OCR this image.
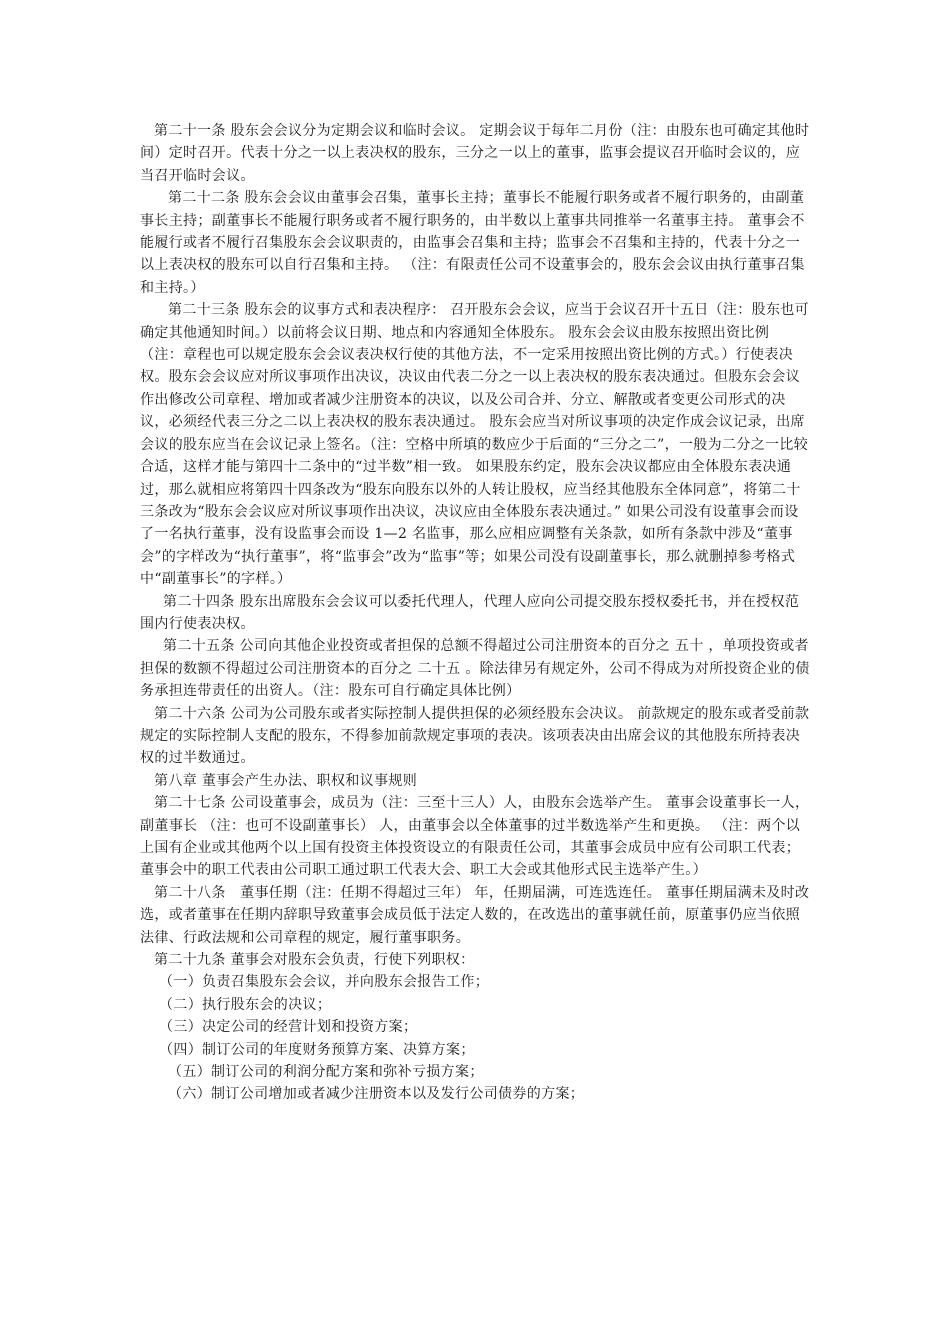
第二十一条 股东会会议分为定期会议和临时会议。 定期会议于每年二月份（注：由股东也可确定其他时间）定时召开。代表十分之一以上表决权的股东，三分之一以上的董事，监事会提议召开临时会议的，应当召开临时会议。

第二十二条 股东会会议由董事会召集，董事长主持；董事长不能履行职务或者不履行职务的，由副董事长主持；副董事长不能履行职务或者不履行职务的，由半数以上董事共同推举一名董事主持。 董事会不能履行或者不履行召集股东会会议职责的，由监事会召集和主持；监事会不召集和主持的，代表十分之一以上表决权的股东可以自行召集和主持。 （注：有限责任公司不设董事会的，股东会会议由执行董事召集和主持。）

第二十三条 股东会的议事方式和表决程序： 召开股东会会议，应当于会议召开十五日（注：股东也可确定其他通知时间。）以前将会议日期、地点和内容通知全体股东。 股东会会议由股东按照出资比例（注：章程也可以规定股东会会议表决权行使的其他方法，不一定采用按照出资比例的方式。）行使表决权。股东会会议应对所议事项作出决议，决议由代表二分之一以上表决权的股东表决通过。但股东会会议作出修改公司章程、增加或者减少注册资本的决议，以及公司合并、分立、解散或者变更公司形式的决议，必须经代表三分之二以上表决权的股东表决通过。 股东会应当对所议事项的决定作成会议记录，出席会议的股东应当在会议记录上签名。（注：空格中所填的数应少于后面的“三分之二”，一般为二分之一比较合适，这样才能与第四十二条中的“过半数”相一致。 如果股东约定，股东会决议都应由全体股东表决通过，那么就相应将第四十四条改为“股东向股东以外的人转让股权，应当经其他股东全体同意”，将第二十三条改为“股东会会议应对所议事项作出决议，决议应由全体股东表决通过。” 如果公司没有设董事会而设了一名执行董事，没有设监事会而设 1—2 名监事，那么应相应调整有关条款，如所有条款中涉及“董事会”的字样改为“执行董事”，将“监事会”改为“监事”等；如果公司没有设副董事长，那么就删掉参考格式中“副董事长”的字样。）

第二十四条 股东出席股东会会议可以委托代理人，代理人应向公司提交股东授权委托书，并在授权范围内行使表决权。

第二十五条 公司向其他企业投资或者担保的总额不得超过公司注册资本的百分之 五十 ，单项投资或者担保的数额不得超过公司注册资本的百分之 二十五 。除法律另有规定外，公司不得成为对所投资企业的债务承担连带责任的出资人。（注：股东可自行确定具体比例）

第二十六条 公司为公司股东或者实际控制人提供担保的必须经股东会决议。 前款规定的股东或者受前款规定的实际控制人支配的股东，不得参加前款规定事项的表决。该项表决由出席会议的其他股东所持表决权的过半数通过。

第八章 董事会产生办法、职权和议事规则

第二十七条 公司设董事会，成员为（注：三至十三人）人，由股东会选举产生。 董事会设董事长一人，副董事长 （注：也可不设副董事长） 人，由董事会以全体董事的过半数选举产生和更换。 （注：两个以上国有企业或其他两个以上国有投资主体投资设立的有限责任公司，其董事会成员中应有公司职工代表；董事会中的职工代表由公司职工通过职工代表大会、职工大会或其他形式民主选举产生。）

第二十八条　董事任期（注：任期不得超过三年） 年，任期届满，可连选连任。 董事任期届满未及时改选，或者董事在任期内辞职导致董事会成员低于法定人数的，在改选出的董事就任前，原董事仍应当依照法律、行政法规和公司章程的规定，履行董事职务。

第二十九条 董事会对股东会负责，行使下列职权：

（一）负责召集股东会会议，并向股东会报告工作；

（二）执行股东会的决议；

（三）决定公司的经营计划和投资方案；

（四）制订公司的年度财务预算方案、决算方案；

（五）制订公司的利润分配方案和弥补亏损方案；

（六）制订公司增加或者减少注册资本以及发行公司债券的方案；
